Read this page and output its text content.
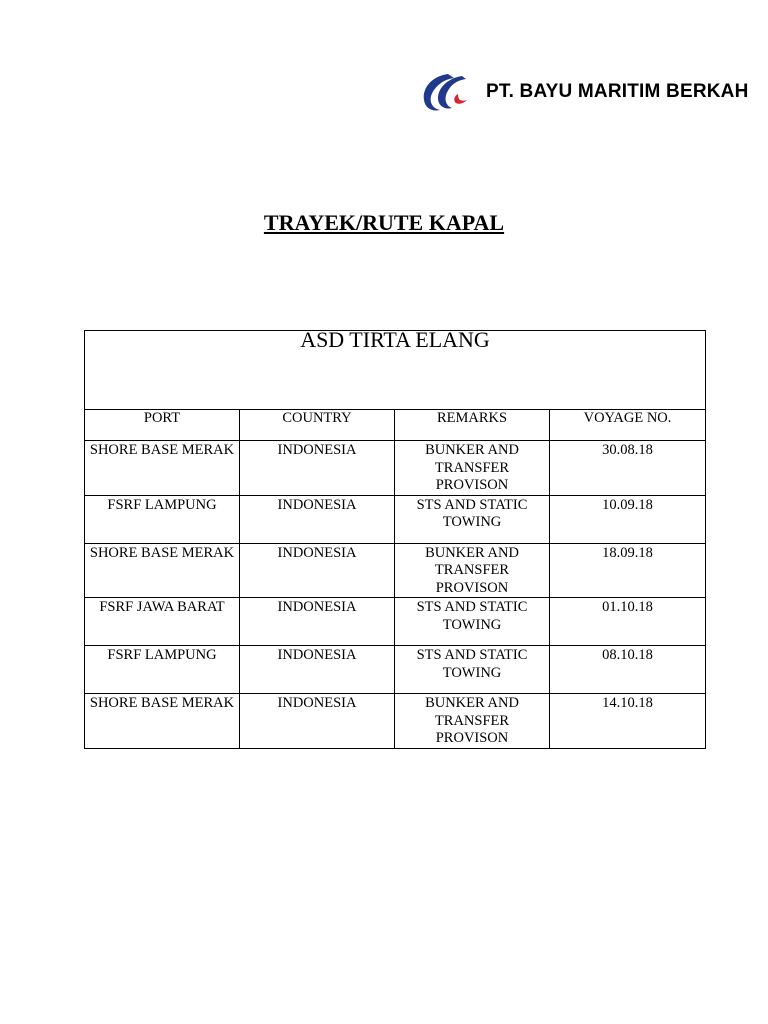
PT. BAYU MARITIM BERKAH
TRAYEK/RUTE KAPAL
ASD TIRTA ELANG			
PORT	COUNTRY	REMARKS	VOYAGE NO.
SHORE BASE MERAK	INDONESIA	BUNKER AND TRANSFER PROVISON	30.08.18
FSRF LAMPUNG	INDONESIA	STS AND STATIC TOWING	10.09.18
SHORE BASE MERAK	INDONESIA	BUNKER AND TRANSFER PROVISON	18.09.18
FSRF JAWA BARAT	INDONESIA	STS AND STATIC TOWING	01.10.18
FSRF LAMPUNG	INDONESIA	STS AND STATIC TOWING	08.10.18
SHORE BASE MERAK	INDONESIA	BUNKER AND TRANSFER PROVISON	14.10.18
